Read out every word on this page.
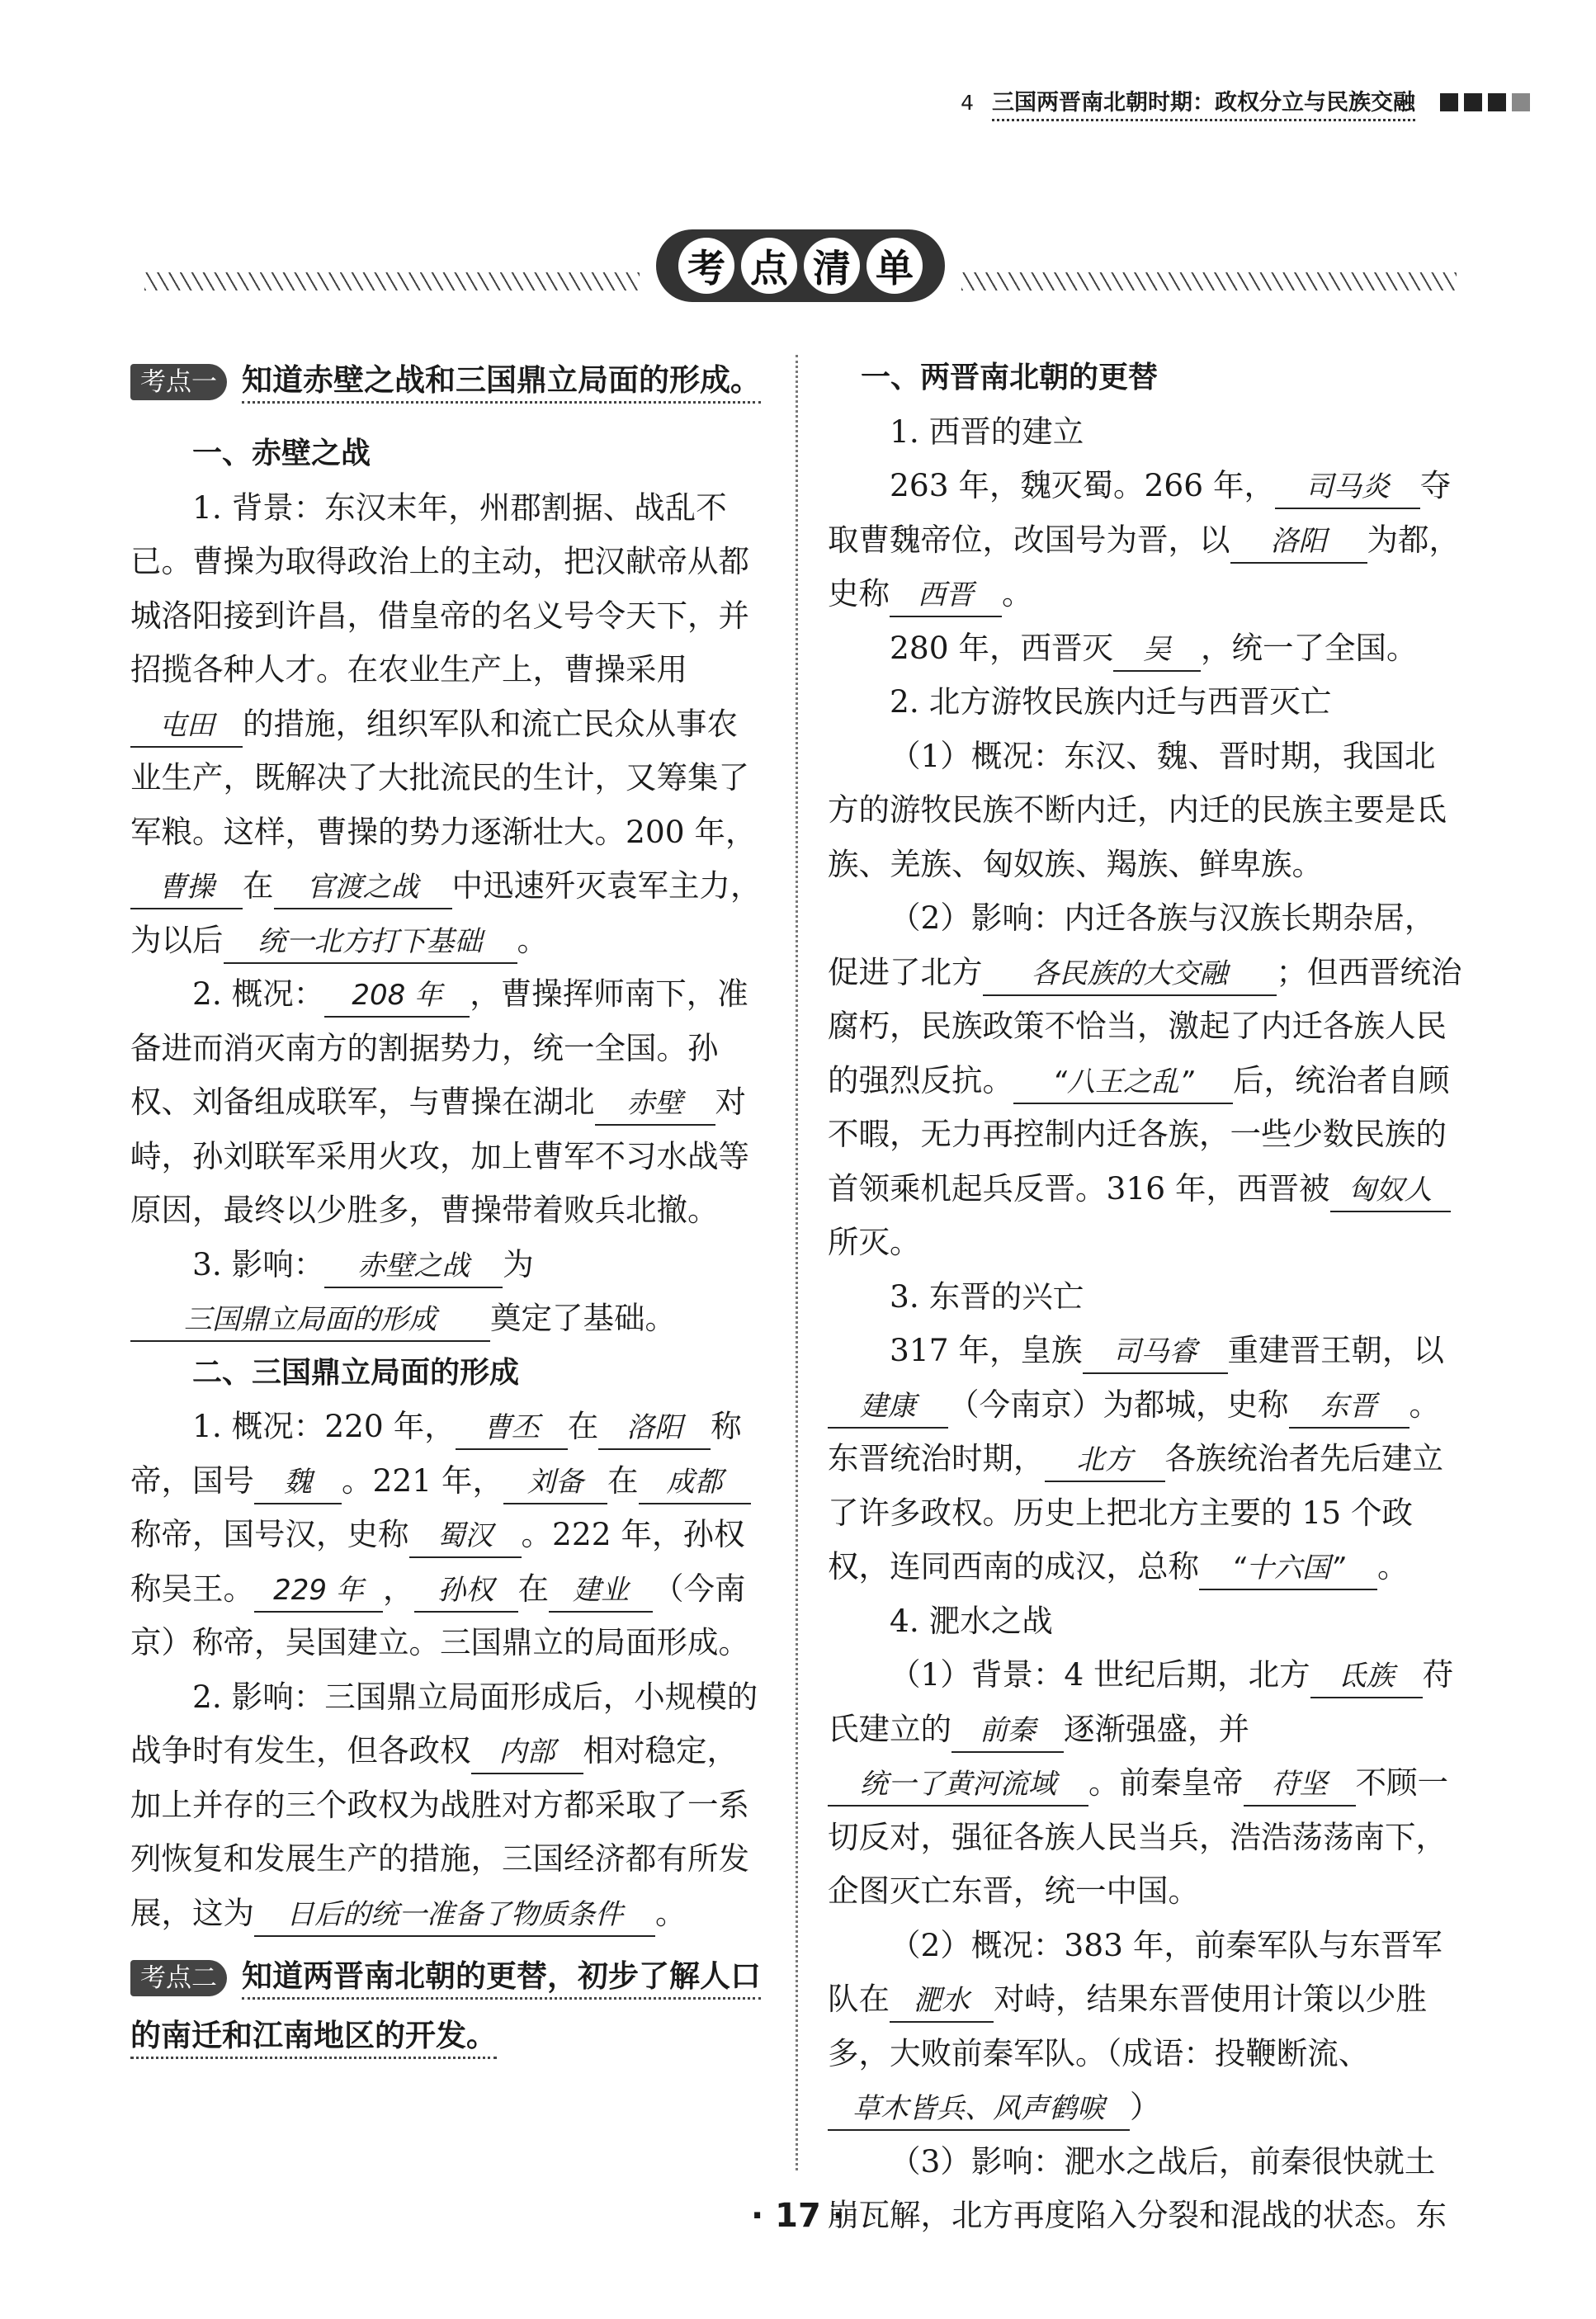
4 三国两晋南北朝时期：政权分立与民族交融
考 点 清 单
考点一 知道赤壁之战和三国鼎立局面的形成。

一、赤壁之战

1. 背景：东汉末年，州郡割据、战乱不已。曹操为取得政治上的主动，把汉献帝从都城洛阳接到许昌，借皇帝的名义号令天下，并招揽各种人才。在农业生产上，曹操采用屯田 的措施，组织军队和流亡民众从事农业生产，既解决了大批流民的生计，又筹集了军粮。这样，曹操的势力逐渐壮大。200 年，曹操 在 官渡之战 中迅速歼灭袁军主力，为以后 统一北方打下基础 。

2. 概况： 208 年 ，曹操挥师南下，准备进而消灭南方的割据势力，统一全国。孙权、刘备组成联军，与曹操在湖北 赤壁 对峙，孙刘联军采用火攻，加上曹军不习水战等原因，最终以少胜多，曹操带着败兵北撤。

3. 影响： 赤壁之战 为三国鼎立局面的形成 奠定了基础。

二、三国鼎立局面的形成

1. 概况：220 年， 曹丕 在 洛阳 称帝，国号 魏 。221 年， 刘备 在 成都称帝，国号汉，史称 蜀汉 。222 年，孙权称吴王。 229 年 ， 孙权 在 建业 （今南京）称帝，吴国建立。三国鼎立的局面形成。

2. 影响：三国鼎立局面形成后，小规模的战争时有发生，但各政权 内部 相对稳定，加上并存的三个政权为战胜对方都采取了一系列恢复和发展生产的措施，三国经济都有所发展，这为 日后的统一准备了物质条件 。

考点二 知道两晋南北朝的更替，初步了解人口的南迁和江南地区的开发。

一、两晋南北朝的更替

1. 西晋的建立

263 年，魏灭蜀。266 年， 司马炎 夺取曹魏帝位，改国号为晋，以 洛阳 为都，史称 西晋 。

280 年，西晋灭 吴 ，统一了全国。

2. 北方游牧民族内迁与西晋灭亡

（1）概况：东汉、魏、晋时期，我国北方的游牧民族不断内迁，内迁的民族主要是氐族、羌族、匈奴族、羯族、鲜卑族。

（2）影响：内迁各族与汉族长期杂居，促进了北方 各民族的大交融 ；但西晋统治腐朽，民族政策不恰当，激起了内迁各族人民的强烈反抗。 “八王之乱” 后，统治者自顾不暇，无力再控制内迁各族，一些少数民族的首领乘机起兵反晋。316 年，西晋被 匈奴人所灭。

3. 东晋的兴亡

317 年，皇族 司马睿 重建晋王朝，以建康 （今南京）为都城，史称 东晋 。东晋统治时期， 北方 各族统治者先后建立了许多政权。历史上把北方主要的 15 个政权，连同西南的成汉，总称 “十六国” 。

4. 淝水之战

（1）背景：4 世纪后期，北方 氐族 苻氏建立的 前秦 逐渐强盛，并统一了黄河流域 。前秦皇帝 苻坚 不顾一切反对，强征各族人民当兵，浩浩荡荡南下，企图灭亡东晋，统一中国。

（2）概况：383 年，前秦军队与东晋军队在 淝水 对峙，结果东晋使用计策以少胜多，大败前秦军队。（成语：投鞭断流、草木皆兵、风声鹤唳 ）

（3）影响：淝水之战后，前秦很快就土崩瓦解，北方再度陷入分裂和混战的状态。东

· 17 ·
